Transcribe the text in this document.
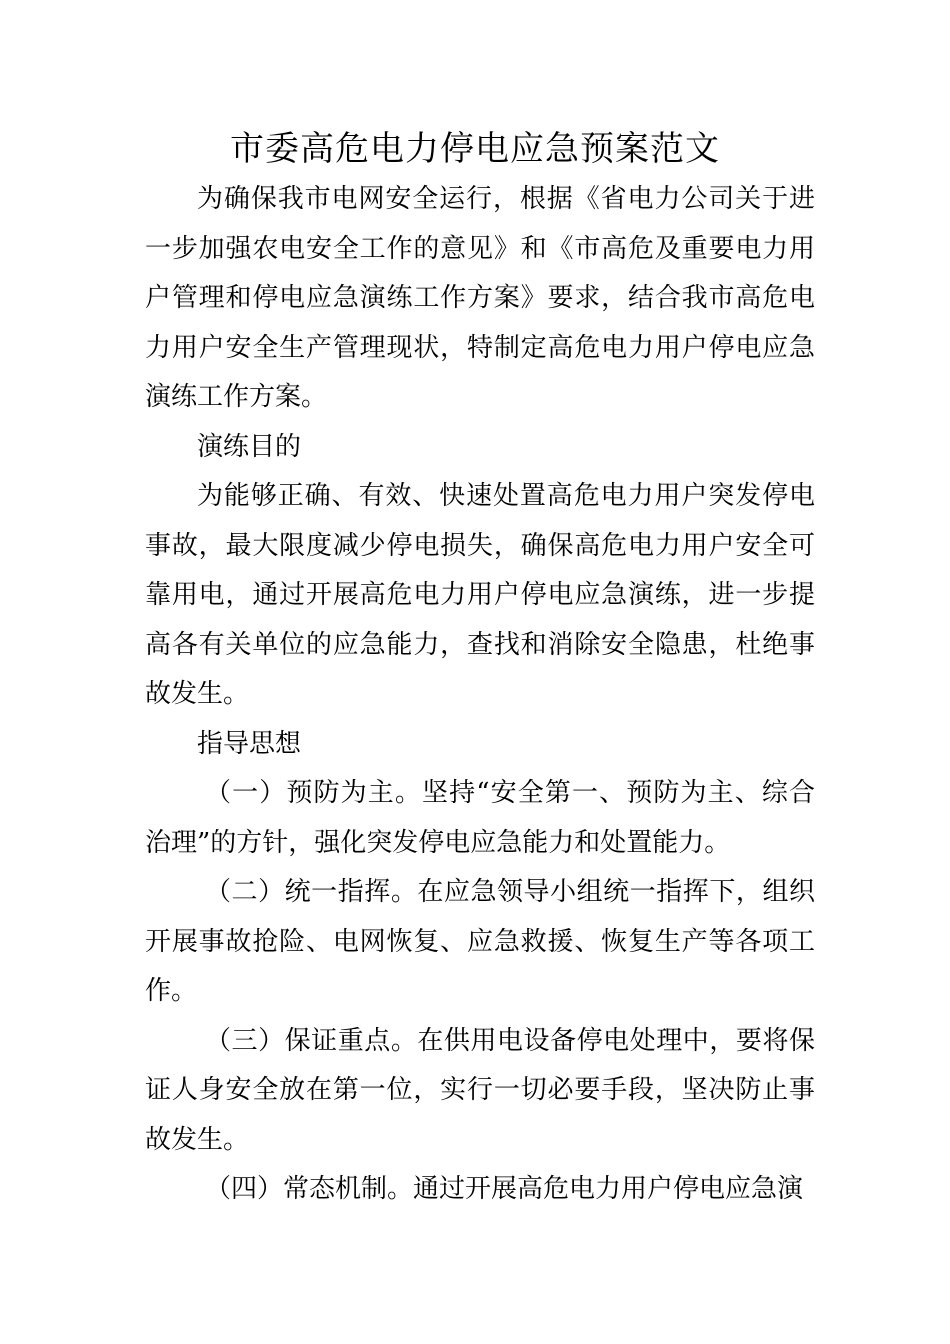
市委高危电力停电应急预案范文

为确保我市电网安全运行，根据《省电力公司关于进一步加强农电安全工作的意见》和《市高危及重要电力用户管理和停电应急演练工作方案》要求，结合我市高危电力用户安全生产管理现状，特制定高危电力用户停电应急演练工作方案。

演练目的

为能够正确、有效、快速处置高危电力用户突发停电事故，最大限度减少停电损失，确保高危电力用户安全可靠用电，通过开展高危电力用户停电应急演练，进一步提高各有关单位的应急能力，查找和消除安全隐患，杜绝事故发生。

指导思想

（一）预防为主。坚持“安全第一、预防为主、综合治理”的方针，强化突发停电应急能力和处置能力。

（二）统一指挥。在应急领导小组统一指挥下，组织开展事故抢险、电网恢复、应急救援、恢复生产等各项工作。

（三）保证重点。在供用电设备停电处理中，要将保证人身安全放在第一位，实行一切必要手段，坚决防止事故发生。

（四）常态机制。通过开展高危电力用户停电应急演
